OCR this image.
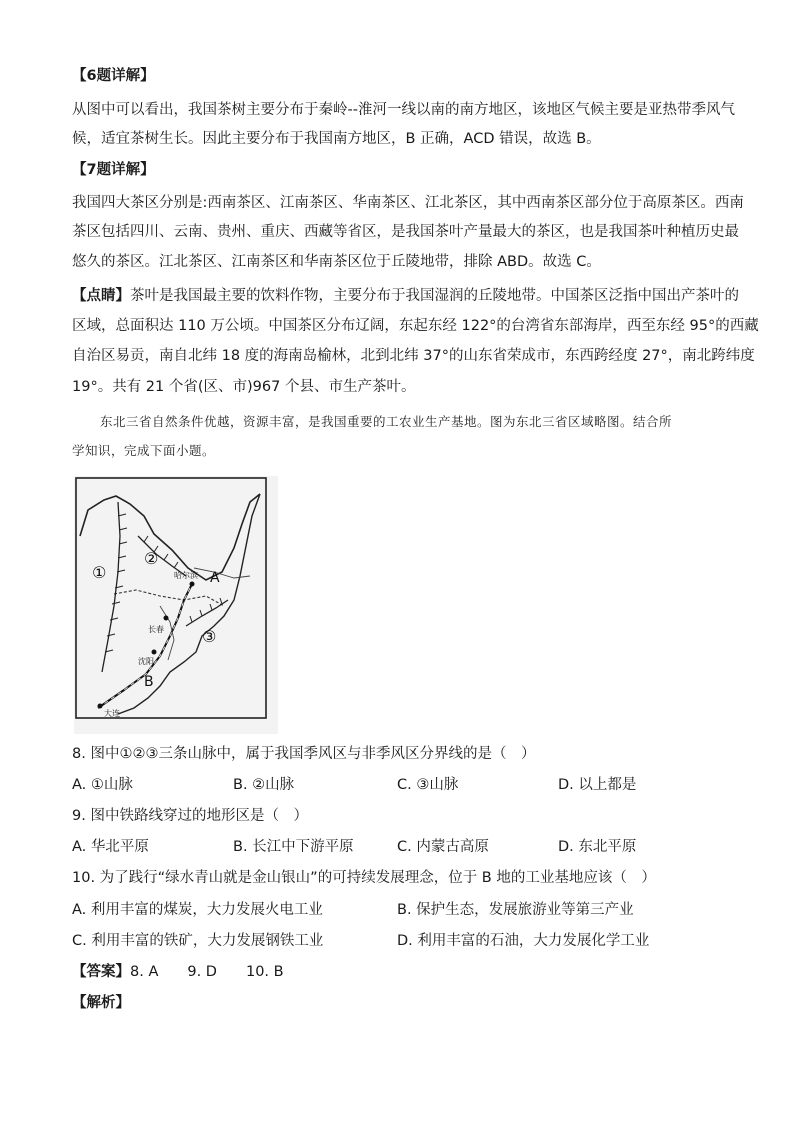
【6题详解】
从图中可以看出，我国茶树主要分布于秦岭--淮河一线以南的南方地区，该地区气候主要是亚热带季风气
候，适宜茶树生长。因此主要分布于我国南方地区，B 正确，ACD 错误，故选 B。
【7题详解】
我国四大茶区分别是:西南茶区、江南茶区、华南茶区、江北茶区，其中西南茶区部分位于高原茶区。西南
茶区包括四川、云南、贵州、重庆、西藏等省区，是我国茶叶产量最大的茶区，也是我国茶叶种植历史最
悠久的茶区。江北茶区、江南茶区和华南茶区位于丘陵地带，排除 ABD。故选 C。
【点睛】茶叶是我国最主要的饮料作物，主要分布于我国湿润的丘陵地带。中国茶区泛指中国出产茶叶的
区域，总面积达 110 万公顷。中国茶区分布辽阔，东起东经 122°的台湾省东部海岸，西至东经 95°的西藏
自治区易贡，南自北纬 18 度的海南岛榆林，北到北纬 37°的山东省荣成市，东西跨经度 27°，南北跨纬度
19°。共有 21 个省(区、市)967 个县、市生产茶叶。
东北三省自然条件优越，资源丰富，是我国重要的工农业生产基地。图为东北三省区域略图。结合所
学知识，完成下面小题。
①
②
③
A
B
哈尔滨
长春
沈阳
大连
8. 图中①②③三条山脉中，属于我国季风区与非季风区分界线的是（　）
A. ①山脉	B. ②山脉	C. ③山脉	D. 以上都是
9. 图中铁路线穿过的地形区是（　）
A. 华北平原	B. 长江中下游平原	C. 内蒙古高原	D. 东北平原
10. 为了践行“绿水青山就是金山银山”的可持续发展理念，位于 B 地的工业基地应该（　）
A. 利用丰富的煤炭，大力发展火电工业	B. 保护生态，发展旅游业等第三产业
C. 利用丰富的铁矿，大力发展钢铁工业	D. 利用丰富的石油，大力发展化学工业
【答案】8. A　　9. D　　10. B
【解析】
